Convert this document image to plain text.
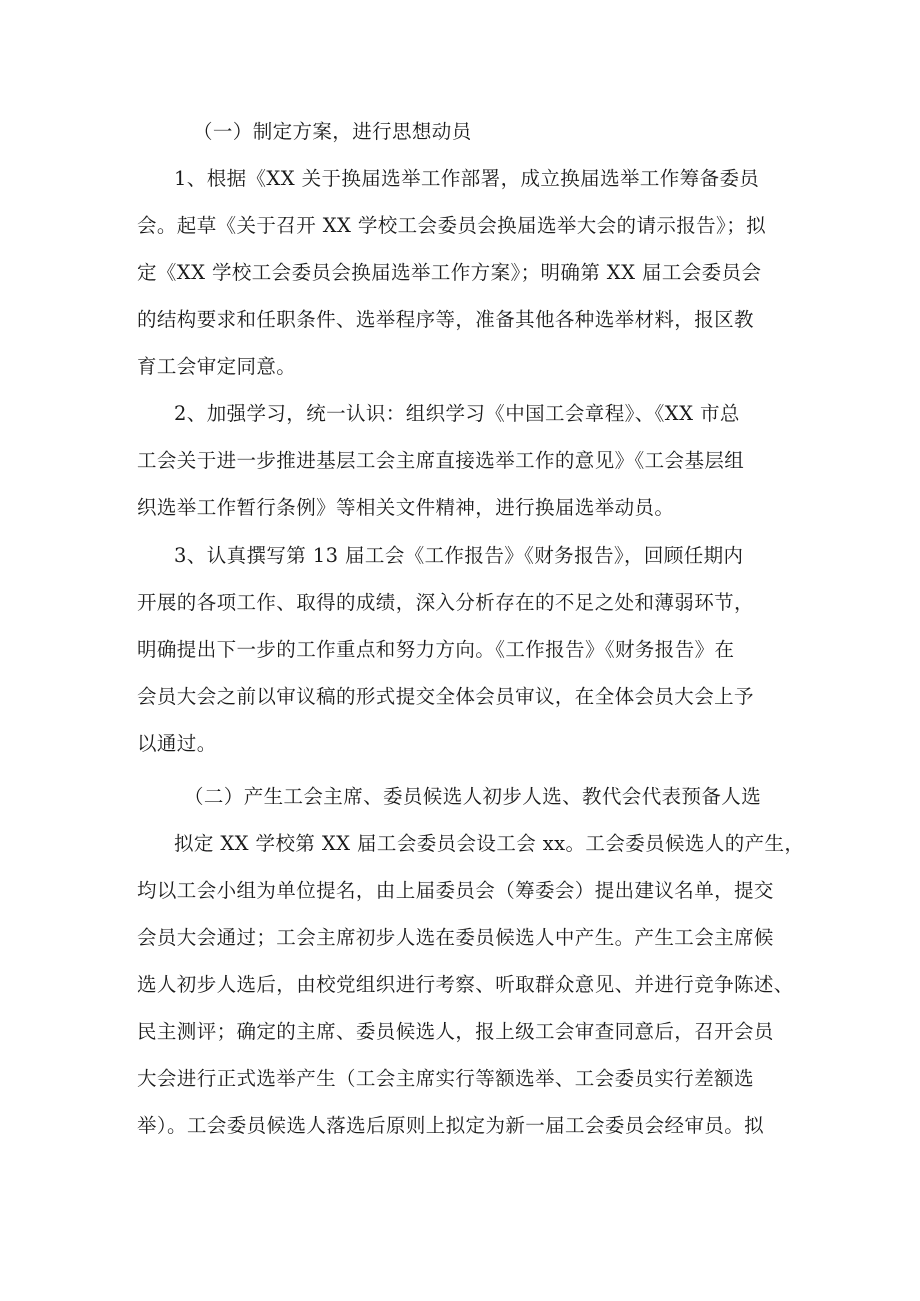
（一）制定方案，进行思想动员
1、根据《XX 关于换届选举工作部署，成立换届选举工作筹备委员
会。起草《关于召开 XX 学校工会委员会换届选举大会的请示报告》；拟
定《XX 学校工会委员会换届选举工作方案》；明确第 XX 届工会委员会
的结构要求和任职条件、选举程序等，准备其他各种选举材料，报区教
育工会审定同意。
2、加强学习，统一认识：组织学习《中国工会章程》、《XX 市总
工会关于进一步推进基层工会主席直接选举工作的意见》《工会基层组
织选举工作暂行条例》等相关文件精神，进行换届选举动员。
3、认真撰写第 13 届工会《工作报告》《财务报告》，回顾任期内
开展的各项工作、取得的成绩，深入分析存在的不足之处和薄弱环节，
明确提出下一步的工作重点和努力方向。《工作报告》《财务报告》在
会员大会之前以审议稿的形式提交全体会员审议，在全体会员大会上予
以通过。
（二）产生工会主席、委员候选人初步人选、教代会代表预备人选
拟定 XX 学校第 XX 届工会委员会设工会 xx。工会委员候选人的产生，
均以工会小组为单位提名，由上届委员会（筹委会）提出建议名单，提交
会员大会通过；工会主席初步人选在委员候选人中产生。产生工会主席候
选人初步人选后，由校党组织进行考察、听取群众意见、并进行竞争陈述、
民主测评；确定的主席、委员候选人，报上级工会审查同意后，召开会员
大会进行正式选举产生（工会主席实行等额选举、工会委员实行差额选
举）。工会委员候选人落选后原则上拟定为新一届工会委员会经审员。拟
